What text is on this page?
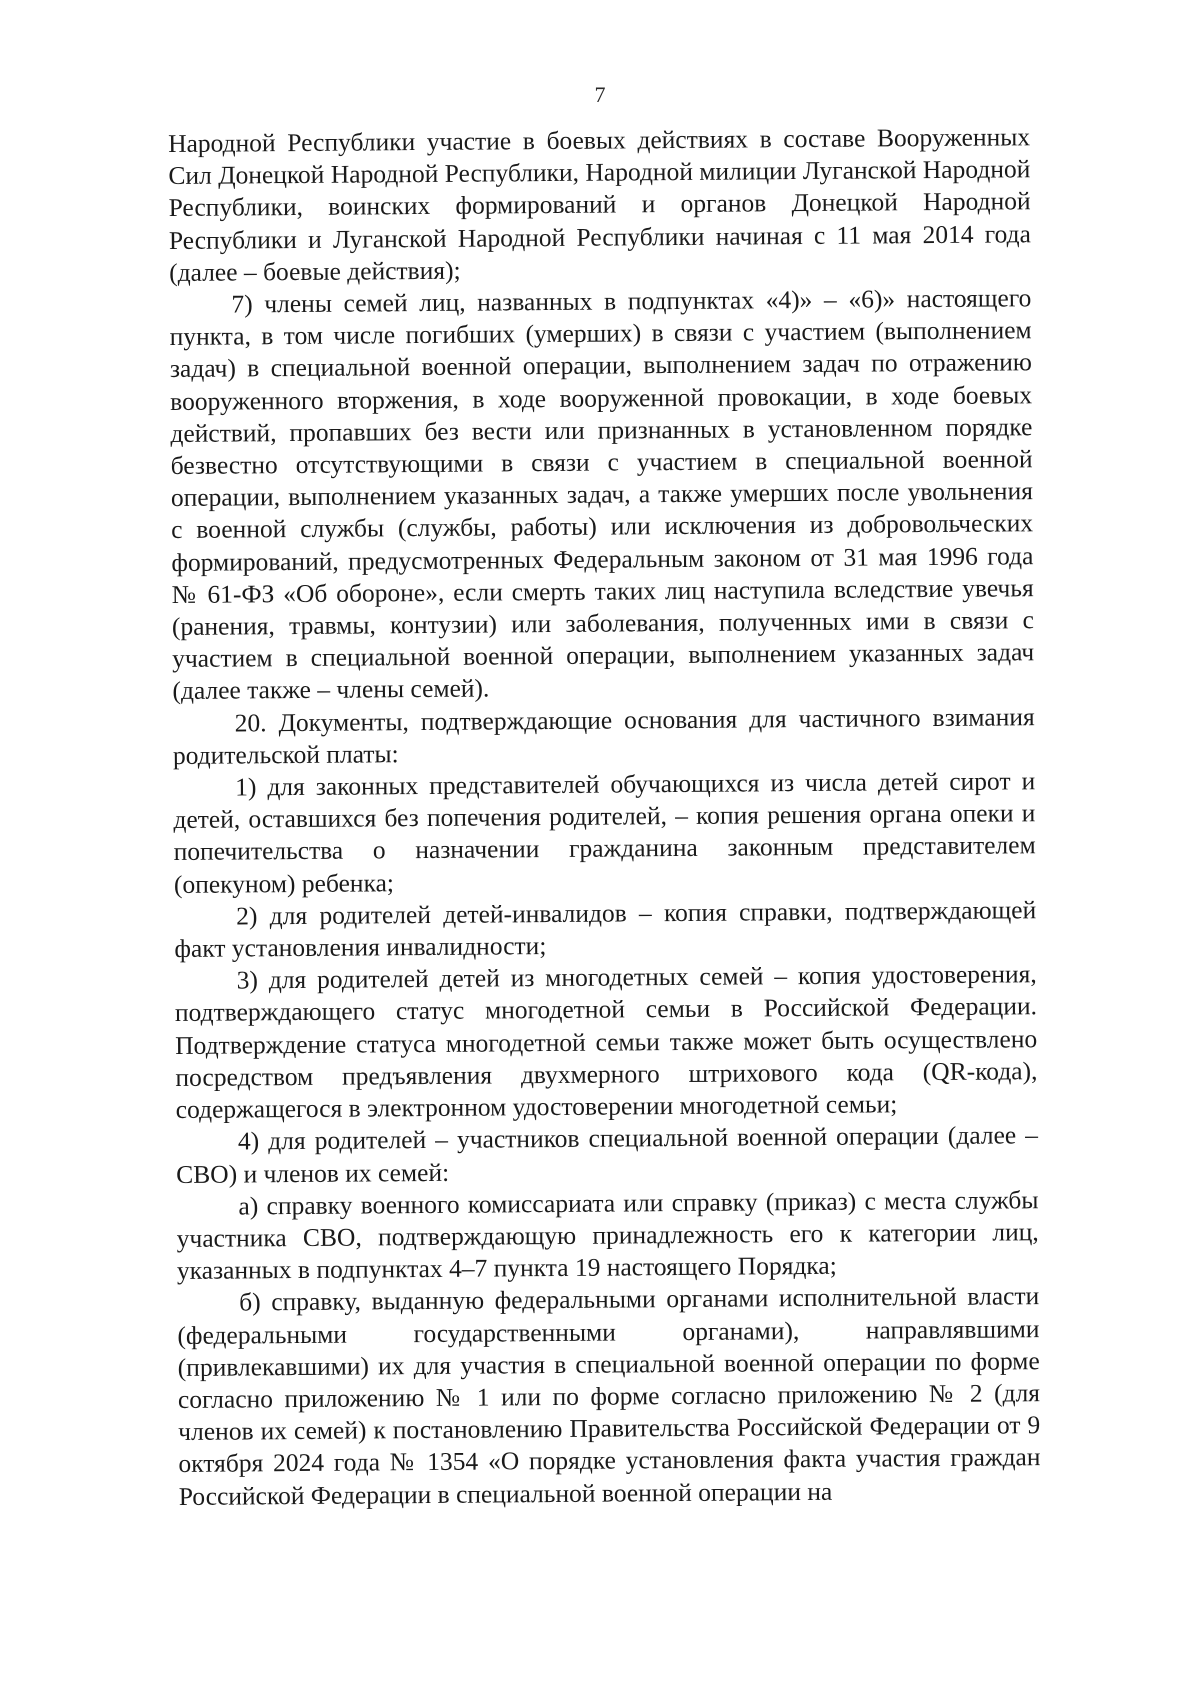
7

Народной Республики участие в боевых действиях в составе Вооруженных Сил Донецкой Народной Республики, Народной милиции Луганской Народной Республики, воинских формирований и органов Донецкой Народной Республики и Луганской Народной Республики начиная с 11 мая 2014 года (далее – боевые действия);

7) члены семей лиц, названных в подпунктах «4)» – «6)» настоящего пункта, в том числе погибших (умерших) в связи с участием (выполнением задач) в специальной военной операции, выполнением задач по отражению вооруженного вторжения, в ходе вооруженной провокации, в ходе боевых действий, пропавших без вести или признанных в установленном порядке безвестно отсутствующими в связи с участием в специальной военной операции, выполнением указанных задач, а также умерших после увольнения с военной службы (службы, работы) или исключения из добровольческих формирований, предусмотренных Федеральным законом от 31 мая 1996 года № 61-ФЗ «Об обороне», если смерть таких лиц наступила вследствие увечья (ранения, травмы, контузии) или заболевания, полученных ими в связи с участием в специальной военной операции, выполнением указанных задач (далее также – члены семей).

20. Документы, подтверждающие основания для частичного взимания родительской платы:

1) для законных представителей обучающихся из числа детей сирот и детей, оставшихся без попечения родителей, – копия решения органа опеки и попечительства о назначении гражданина законным представителем (опекуном) ребенка;

2) для родителей детей-инвалидов – копия справки, подтверждающей факт установления инвалидности;

3) для родителей детей из многодетных семей – копия удостоверения, подтверждающего статус многодетной семьи в Российской Федерации. Подтверждение статуса многодетной семьи также может быть осуществлено посредством предъявления двухмерного штрихового кода (QR-кода), содержащегося в электронном удостоверении многодетной семьи;

4) для родителей – участников специальной военной операции (далее – СВО) и членов их семей:

а) справку военного комиссариата или справку (приказ) с места службы участника СВО, подтверждающую принадлежность его к категории лиц, указанных в подпунктах 4–7 пункта 19 настоящего Порядка;

б) справку, выданную федеральными органами исполнительной власти (федеральными государственными органами), направлявшими (привлекавшими) их для участия в специальной военной операции по форме согласно приложению № 1 или по форме согласно приложению № 2 (для членов их семей) к постановлению Правительства Российской Федерации от 9 октября 2024 года № 1354 «О порядке установления факта участия граждан Российской Федерации в специальной военной операции на
